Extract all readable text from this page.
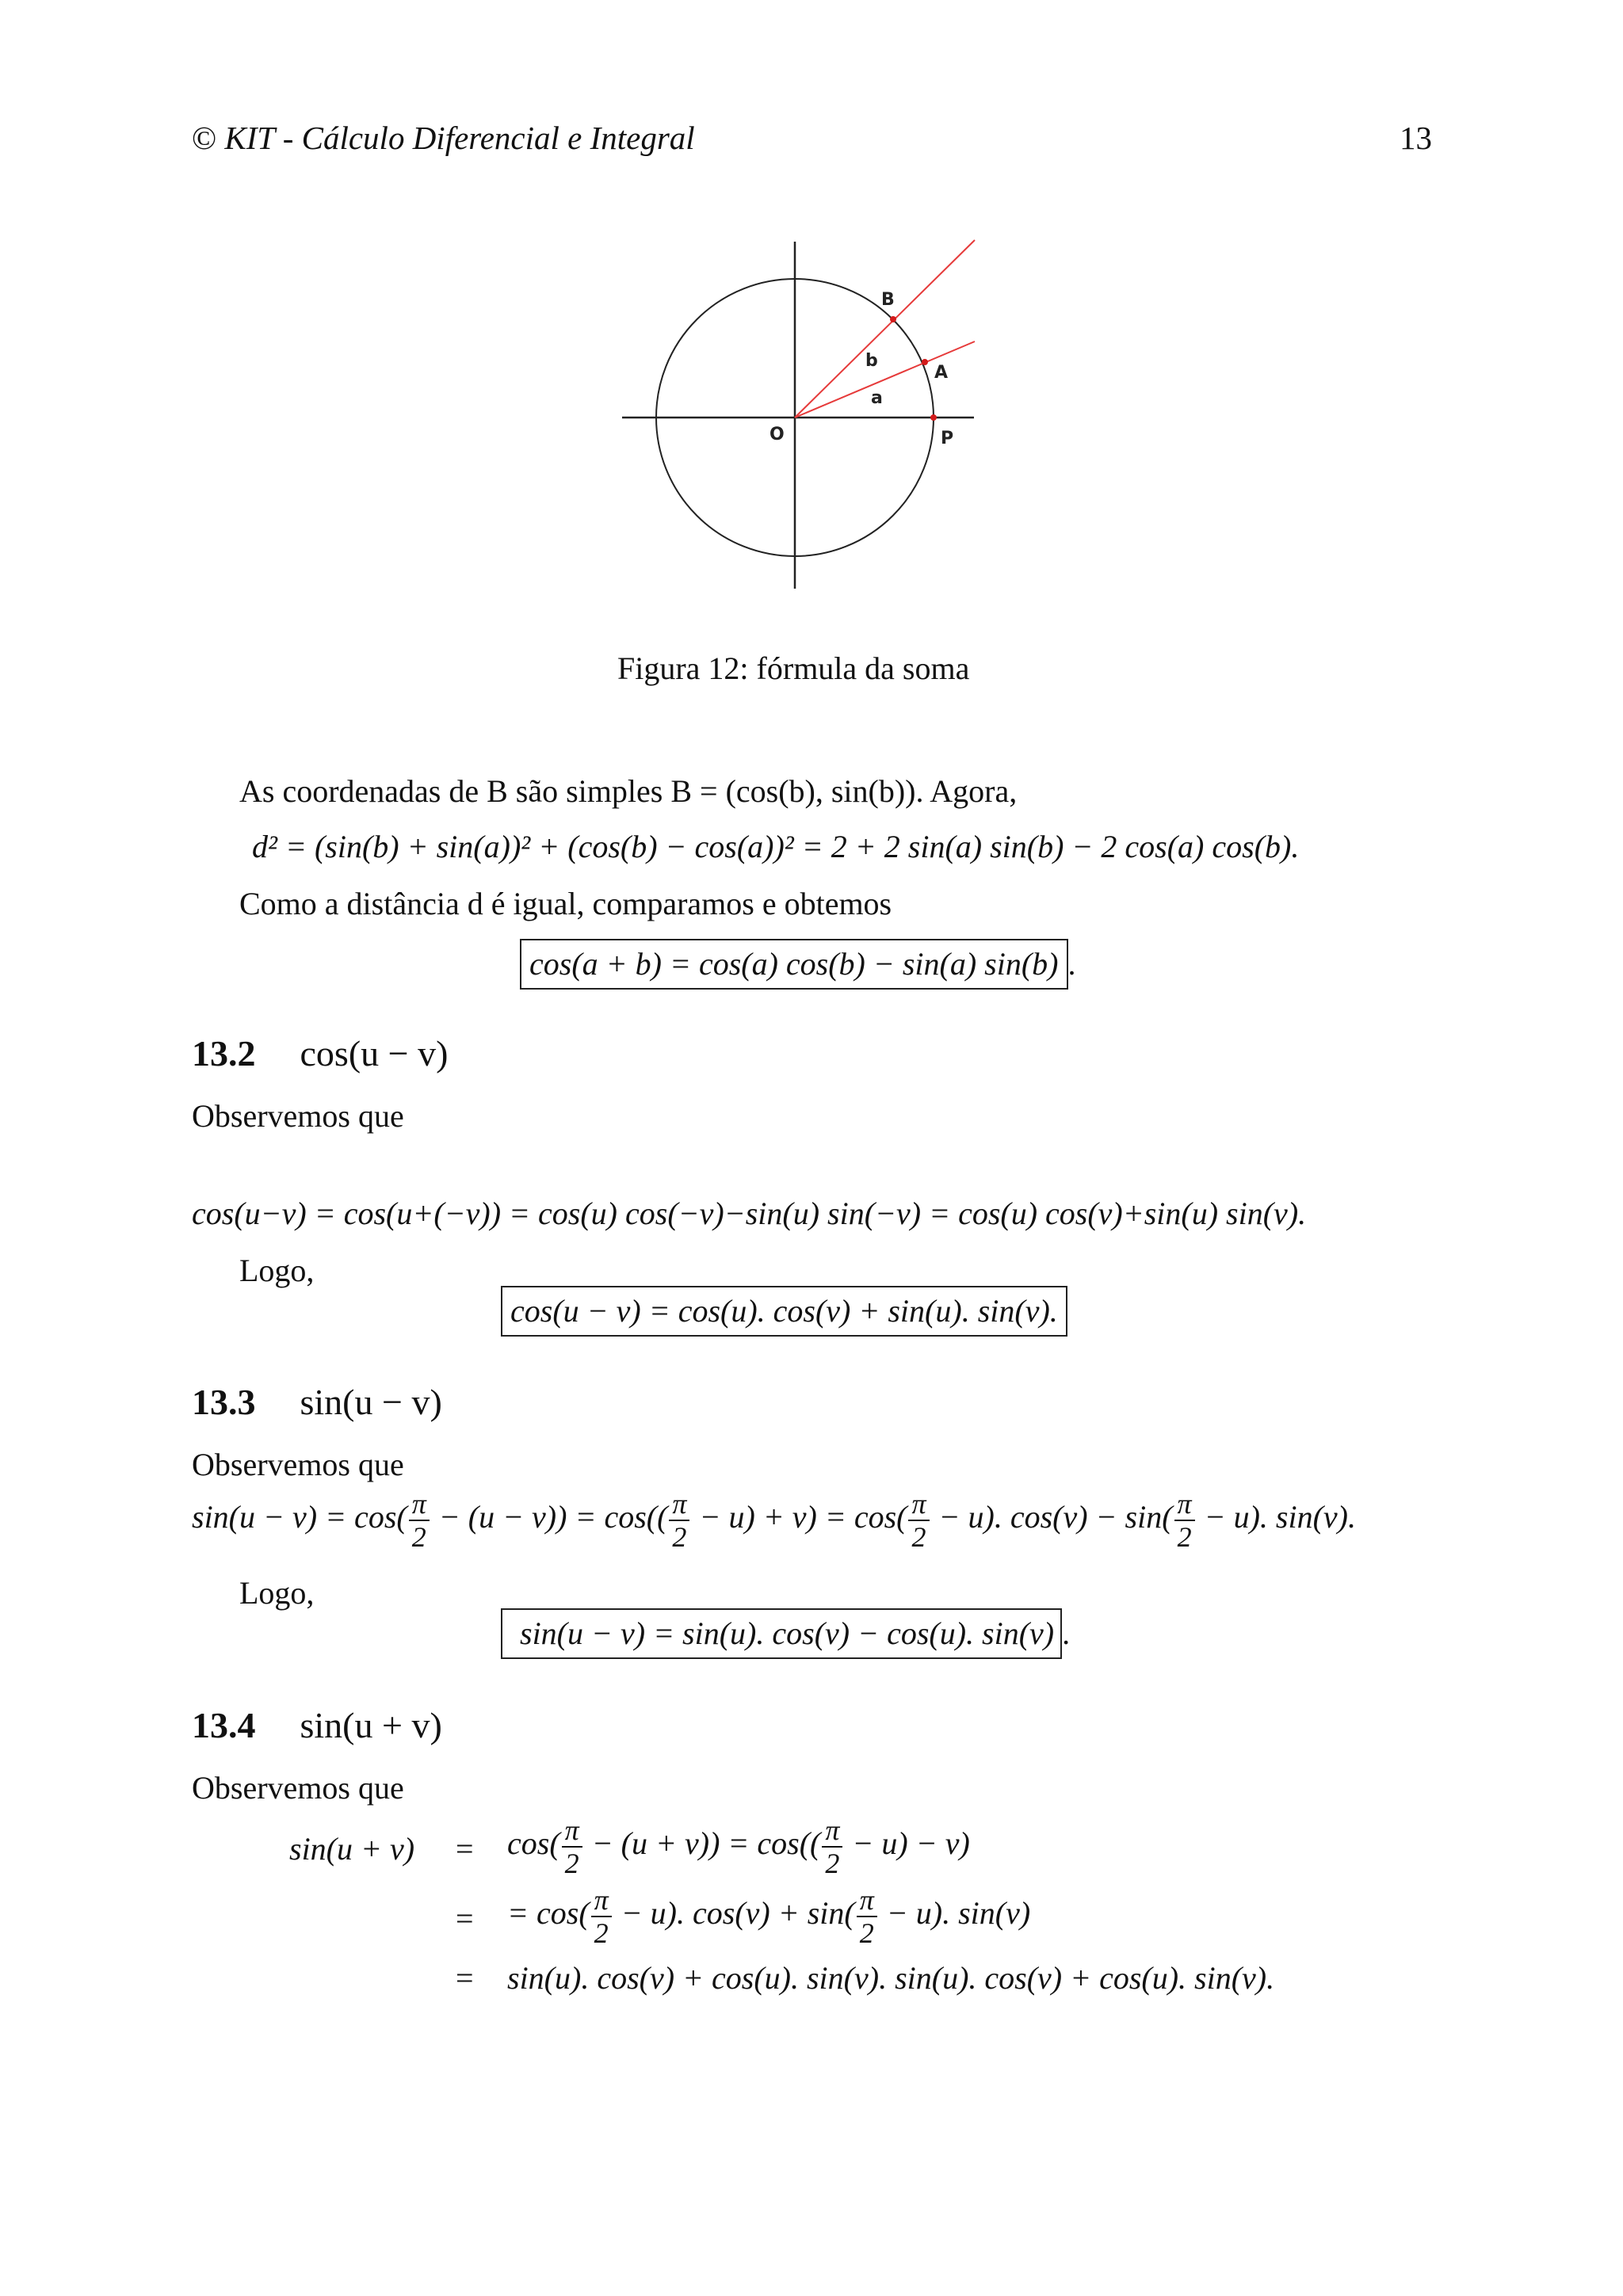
© KIT - Cálculo Diferencial e Integral	13
B
A
O	P
b
a
Figura 12: fórmula da soma
As coordenadas de B são simples B = (cos(b), sin(b)). Agora,
d² = (sin(b) + sin(a))² + (cos(b) − cos(a))² = 2 + 2 sin(a) sin(b) − 2 cos(a) cos(b).
Como a distância d é igual, comparamos e obtemos
cos(a + b) = cos(a) cos(b) − sin(a) sin(b) .
13.2 cos(u − v)
Observemos que
cos(u−v) = cos(u+(−v)) = cos(u) cos(−v)−sin(u) sin(−v) = cos(u) cos(v)+sin(u) sin(v).
Logo,
cos(u − v) = cos(u). cos(v) + sin(u). sin(v).
13.3 sin(u − v)
Observemos que
$\sin(u - v) = \cos( \frac{\pi}{2} - (u - v)) = \cos(( \frac{\pi}{2} - u) + v) = \cos( \frac{\pi}{2} - u)$. $\cos(v) - \sin( \frac{\pi}{2} - u)$. sin(v).
Logo,
sin(u − v) = sin(u). cos(v) − cos(u). sin(v) .
13.4 sin(u + v)
Observemos que
$\sin(u + v) = \cos( \frac{\pi}{2} - (u + v)) = \cos(( \frac{\pi}{2} - u) - v)$
= = $\cos( \frac{\pi}{2} - u)$. $\cos(v) + \sin( \frac{\pi}{2} - u)$. sin(v)
= sin(u). cos(v) + cos(u). sin(v). sin(u). cos(v) + cos(u). sin(v).
